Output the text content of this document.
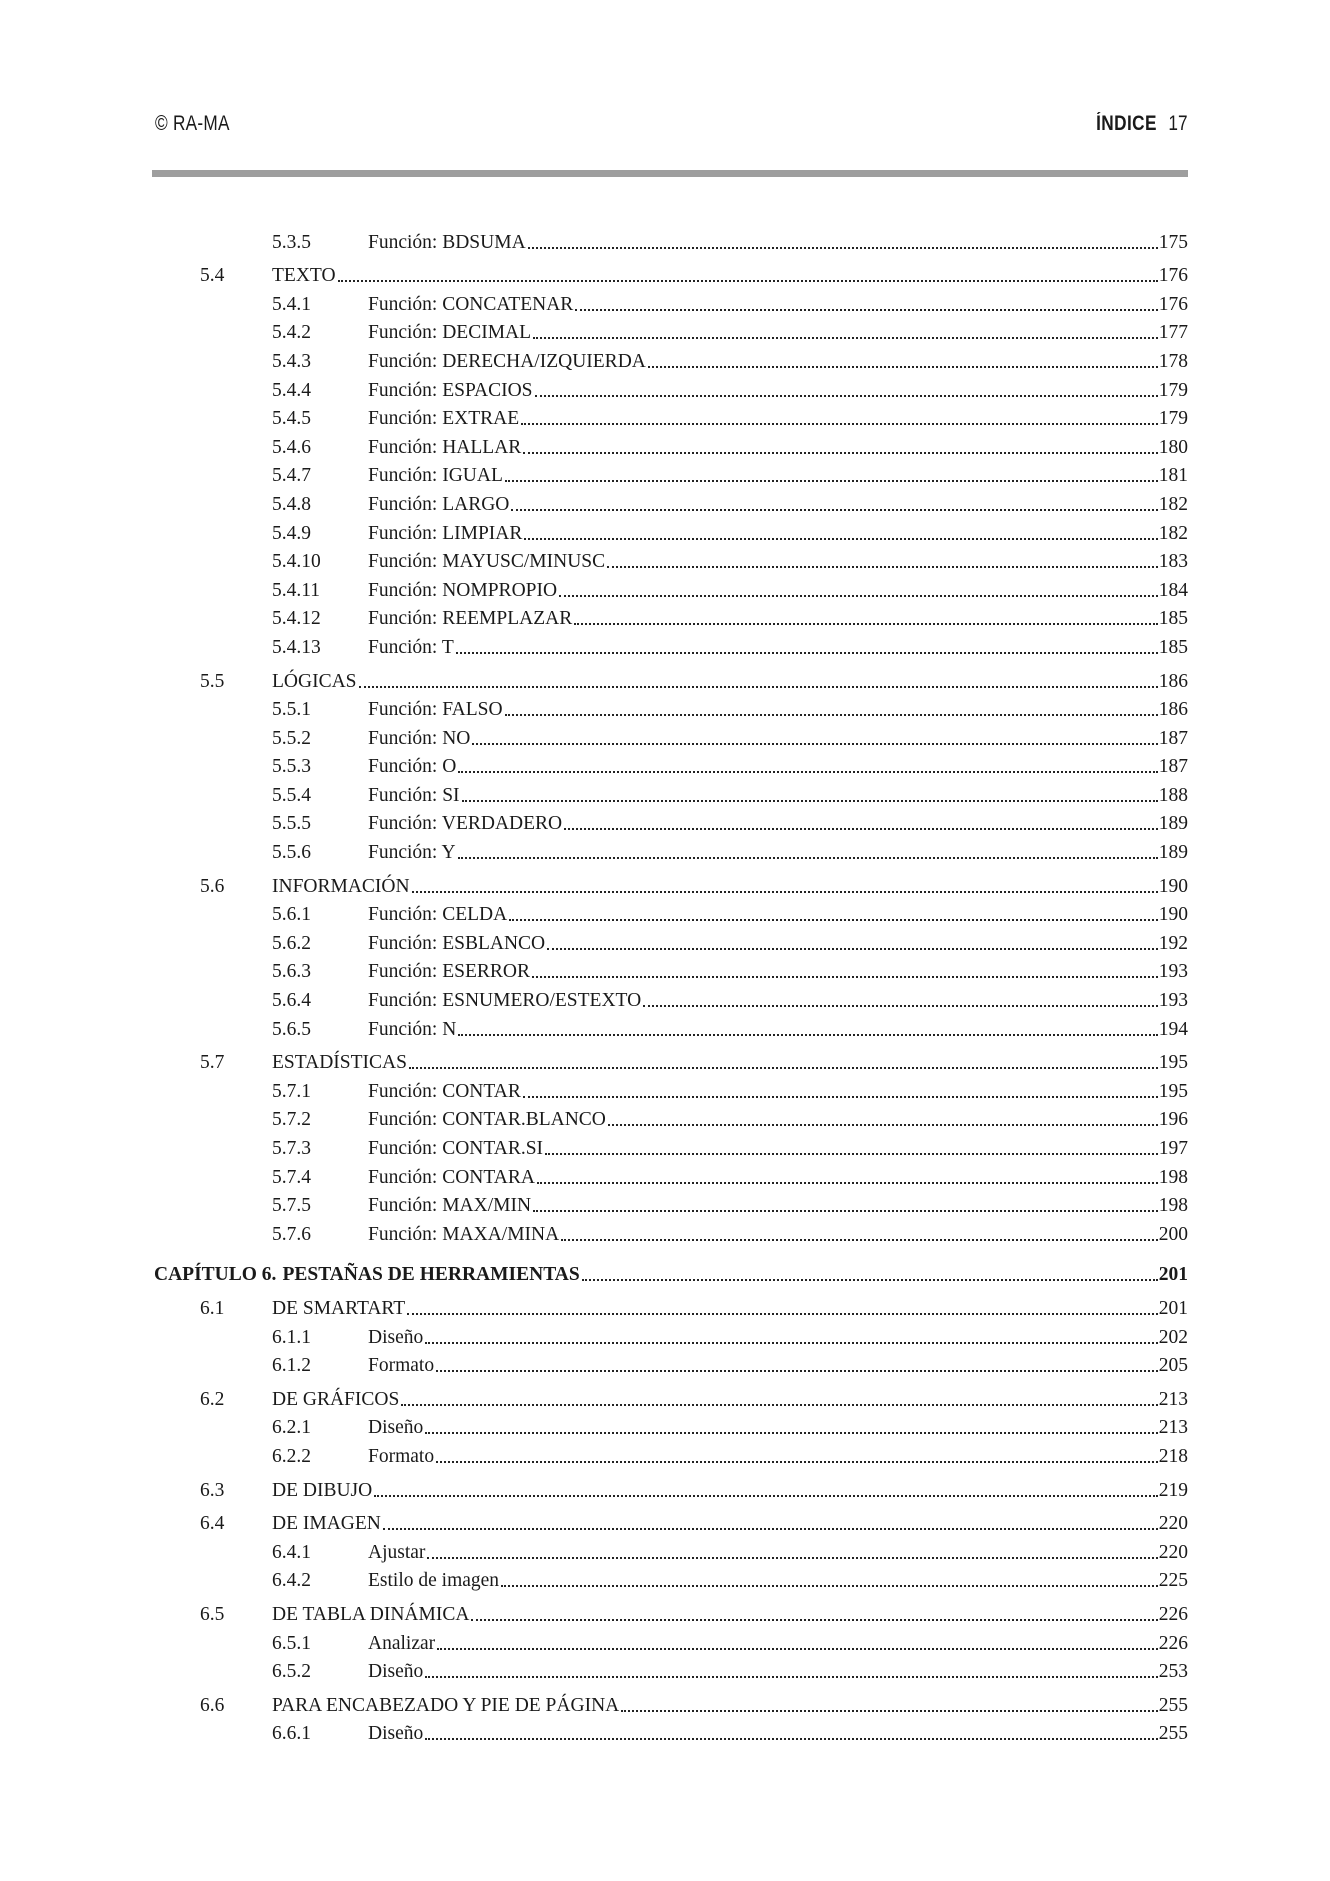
© RA-MA	ÍNDICE 17
5.3.5	Función: BDSUMA	175
5.4	TEXTO	176
5.4.1	Función: CONCATENAR	176
5.4.2	Función: DECIMAL	177
5.4.3	Función: DERECHA/IZQUIERDA	178
5.4.4	Función: ESPACIOS	179
5.4.5	Función: EXTRAE	179
5.4.6	Función: HALLAR	180
5.4.7	Función: IGUAL	181
5.4.8	Función: LARGO	182
5.4.9	Función: LIMPIAR	182
5.4.10	Función: MAYUSC/MINUSC	183
5.4.11	Función: NOMPROPIO	184
5.4.12	Función: REEMPLAZAR	185
5.4.13	Función: T	185
5.5	LÓGICAS	186
5.5.1	Función: FALSO	186
5.5.2	Función: NO	187
5.5.3	Función: O	187
5.5.4	Función: SI	188
5.5.5	Función: VERDADERO	189
5.5.6	Función: Y	189
5.6	INFORMACIÓN	190
5.6.1	Función: CELDA	190
5.6.2	Función: ESBLANCO	192
5.6.3	Función: ESERROR	193
5.6.4	Función: ESNUMERO/ESTEXTO	193
5.6.5	Función: N	194
5.7	ESTADÍSTICAS	195
5.7.1	Función: CONTAR	195
5.7.2	Función: CONTAR.BLANCO	196
5.7.3	Función: CONTAR.SI	197
5.7.4	Función: CONTARA	198
5.7.5	Función: MAX/MIN	198
5.7.6	Función: MAXA/MINA	200
CAPÍTULO 6. PESTAÑAS DE HERRAMIENTAS	201
6.1	DE SMARTART	201
6.1.1	Diseño	202
6.1.2	Formato	205
6.2	DE GRÁFICOS	213
6.2.1	Diseño	213
6.2.2	Formato	218
6.3	DE DIBUJO	219
6.4	DE IMAGEN	220
6.4.1	Ajustar	220
6.4.2	Estilo de imagen	225
6.5	DE TABLA DINÁMICA	226
6.5.1	Analizar	226
6.5.2	Diseño	253
6.6	PARA ENCABEZADO Y PIE DE PÁGINA	255
6.6.1	Diseño	255
